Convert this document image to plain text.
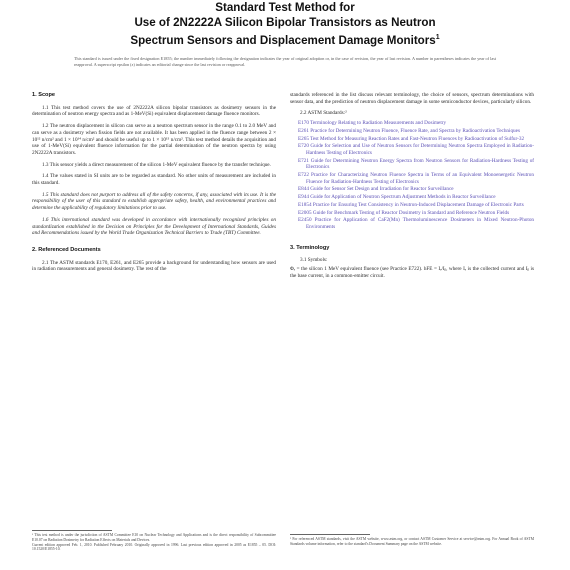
Standard Test Method for
Use of 2N2222A Silicon Bipolar Transistors as Neutron
Spectrum Sensors and Displacement Damage Monitors$^1$
This standard is issued under the fixed designation E1855; the number immediately following the designation indicates the year of original adoption or, in the case of revision, the year of last revision. A number in parentheses indicates the year of last reapproval. A superscript epsilon (ε) indicates an editorial change since the last revision or reapproval.
1. Scope

1.1 This test method covers the use of 2N2222A silicon bipolar transistors as dosimetry sensors in the determination of neutron energy spectra and as 1-MeV(Si) equivalent displacement damage fluence monitors.

1.2 The neutron displacement in silicon can serve as a neutron spectrum sensor in the range 0.1 to 2.0 MeV and can serve as a dosimetry when fission fields are not available. It has been applied in the fluence range between 2 × 10¹² n/cm² and 1 × 10¹⁴ n/cm² and should be useful up to 1 × 10¹⁵ n/cm². This test method details the acquisition and use of 1-MeV(Si) equivalent fluence information for the partial determination of the neutron spectra by using 2N2222A transistors.

1.3 This sensor yields a direct measurement of the silicon 1-MeV equivalent fluence by the transfer technique.

1.4 The values stated in SI units are to be regarded as standard. No other units of measurement are included in this standard.

1.5 This standard does not purport to address all of the safety concerns, if any, associated with its use. It is the responsibility of the user of this standard to establish appropriate safety, health, and environmental practices and determine the applicability of regulatory limitations prior to use.

1.6 This international standard was developed in accordance with internationally recognized principles on standardization established in the Decision on Principles for the Development of International Standards, Guides and Recommendations issued by the World Trade Organization Technical Barriers to Trade (TBT) Committee.

2. Referenced Documents

2.1 The ASTM standards E170, E261, and E265 provide a background for understanding how sensors are used in radiation measurements and general dosimetry. The rest of the

¹ This test method is under the jurisdiction of ASTM Committee E10 on Nuclear Technology and Applications and is the direct responsibility of Subcommittee E10.07 on Radiation Dosimetry for Radiation Effects on Materials and Devices.
Current edition approved Feb. 1, 2010. Published February 2010. Originally approved in 1996. Last previous edition approved in 2005 as E1855 – 05. DOI: 10.1520/E1855-10.

standards referenced in the list discuss relevant terminology, the choice of sensors, spectrum determinations with sensor data, and the prediction of neutron displacement damage in some semiconductor devices, particularly silicon.

2.2 ASTM Standards:²

E170 Terminology Relating to Radiation Measurements and Dosimetry
E261 Practice for Determining Neutron Fluence, Fluence Rate, and Spectra by Radioactivation Techniques
E265 Test Method for Measuring Reaction Rates and Fast-Neutron Fluences by Radioactivation of Sulfur-32
E720 Guide for Selection and Use of Neutron Sensors for Determining Neutron Spectra Employed in Radiation-Hardness Testing of Electronics
E721 Guide for Determining Neutron Energy Spectra from Neutron Sensors for Radiation-Hardness Testing of Electronics
E722 Practice for Characterizing Neutron Fluence Spectra in Terms of an Equivalent Monoenergetic Neutron Fluence for Radiation-Hardness Testing of Electronics
E844 Guide for Sensor Set Design and Irradiation for Reactor Surveillance
E944 Guide for Application of Neutron Spectrum Adjustment Methods in Reactor Surveillance
E1854 Practice for Ensuring Test Consistency in Neutron-Induced Displacement Damage of Electronic Parts
E2005 Guide for Benchmark Testing of Reactor Dosimetry in Standard and Reference Neutron Fields
E2450 Practice for Application of CaF2(Mn) Thermoluminescence Dosimeters in Mixed Neutron-Photon Environments
3. Terminology

3.1 Symbols:

Φₑ = the silicon 1 MeV equivalent fluence (see Practice E722). hFE = Iₑ/Iᵦ, where Iₑ is the collected current and Iᵦ is the base current, in a common-emitter circuit.

² For referenced ASTM standards, visit the ASTM website, www.astm.org, or contact ASTM Customer Service at service@astm.org. For Annual Book of ASTM Standards volume information, refer to the standard's Document Summary page on the ASTM website.
